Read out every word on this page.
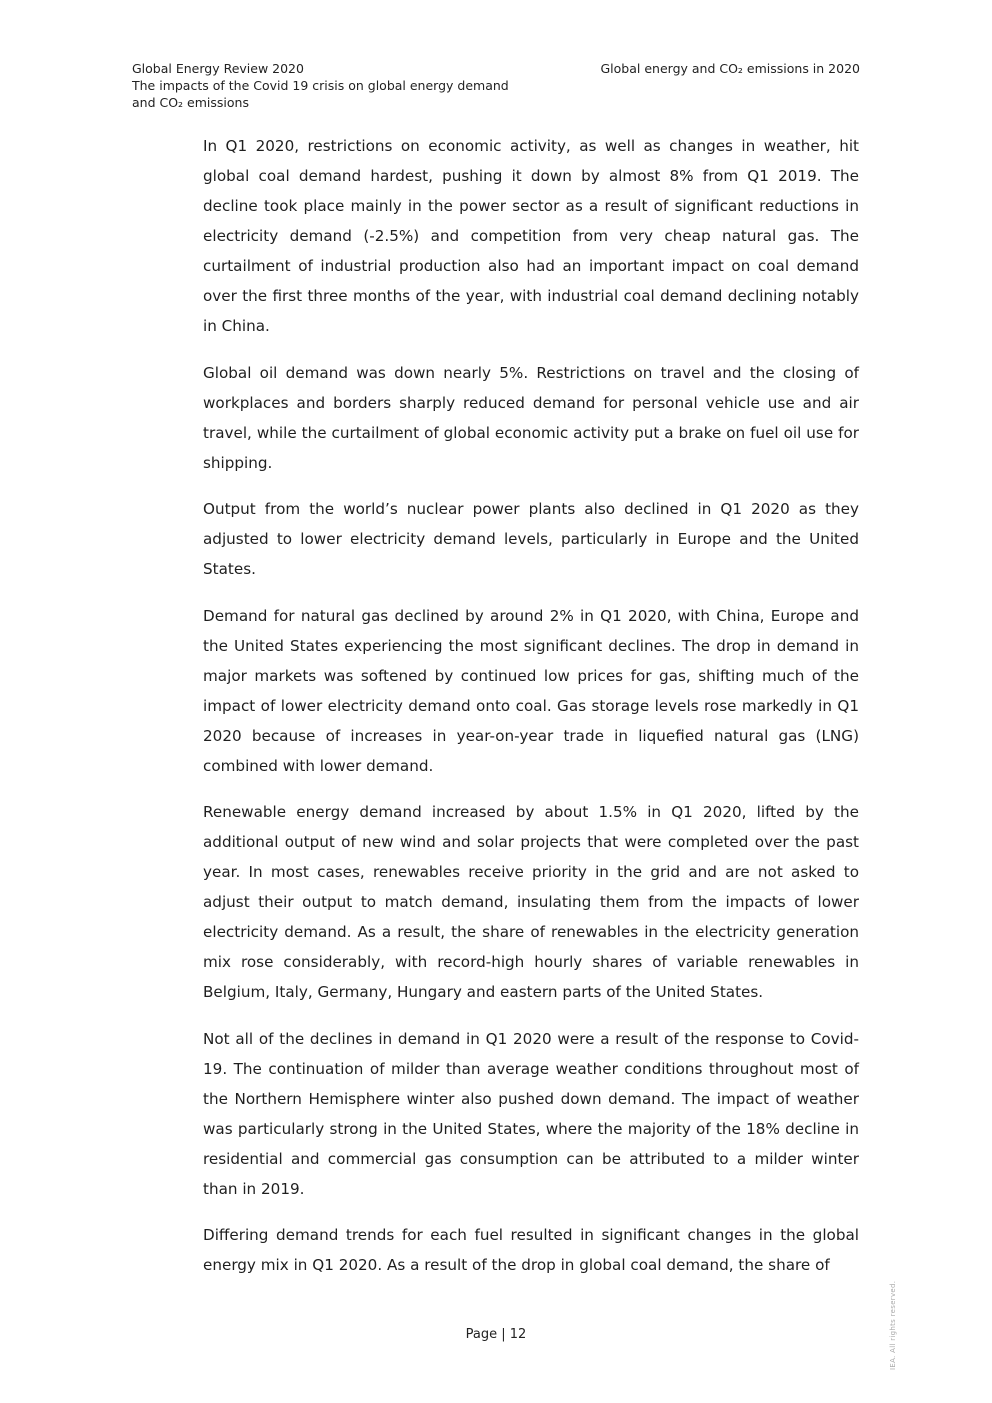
Global Energy Review 2020
The impacts of the Covid 19 crisis on global energy demand
and CO₂ emissions
Global energy and CO₂ emissions in 2020

In Q1 2020, restrictions on economic activity, as well as changes in weather, hit global coal demand hardest, pushing it down by almost 8% from Q1 2019. The decline took place mainly in the power sector as a result of significant reductions in electricity demand (-2.5%) and competition from very cheap natural gas. The curtailment of industrial production also had an important impact on coal demand over the first three months of the year, with industrial coal demand declining notably in China.

Global oil demand was down nearly 5%. Restrictions on travel and the closing of workplaces and borders sharply reduced demand for personal vehicle use and air travel, while the curtailment of global economic activity put a brake on fuel oil use for shipping.

Output from the world’s nuclear power plants also declined in Q1 2020 as they adjusted to lower electricity demand levels, particularly in Europe and the United States.

Demand for natural gas declined by around 2% in Q1 2020, with China, Europe and the United States experiencing the most significant declines. The drop in demand in major markets was softened by continued low prices for gas, shifting much of the impact of lower electricity demand onto coal. Gas storage levels rose markedly in Q1 2020 because of increases in year-on-year trade in liquefied natural gas (LNG) combined with lower demand.

Renewable energy demand increased by about 1.5% in Q1 2020, lifted by the additional output of new wind and solar projects that were completed over the past year. In most cases, renewables receive priority in the grid and are not asked to adjust their output to match demand, insulating them from the impacts of lower electricity demand. As a result, the share of renewables in the electricity generation mix rose considerably, with record-high hourly shares of variable renewables in Belgium, Italy, Germany, Hungary and eastern parts of the United States.

Not all of the declines in demand in Q1 2020 were a result of the response to Covid-19. The continuation of milder than average weather conditions throughout most of the Northern Hemisphere winter also pushed down demand. The impact of weather was particularly strong in the United States, where the majority of the 18% decline in residential and commercial gas consumption can be attributed to a milder winter than in 2019.

Differing demand trends for each fuel resulted in significant changes in the global energy mix in Q1 2020. As a result of the drop in global coal demand, the share of

Page | 12	IEA. All rights reserved.
